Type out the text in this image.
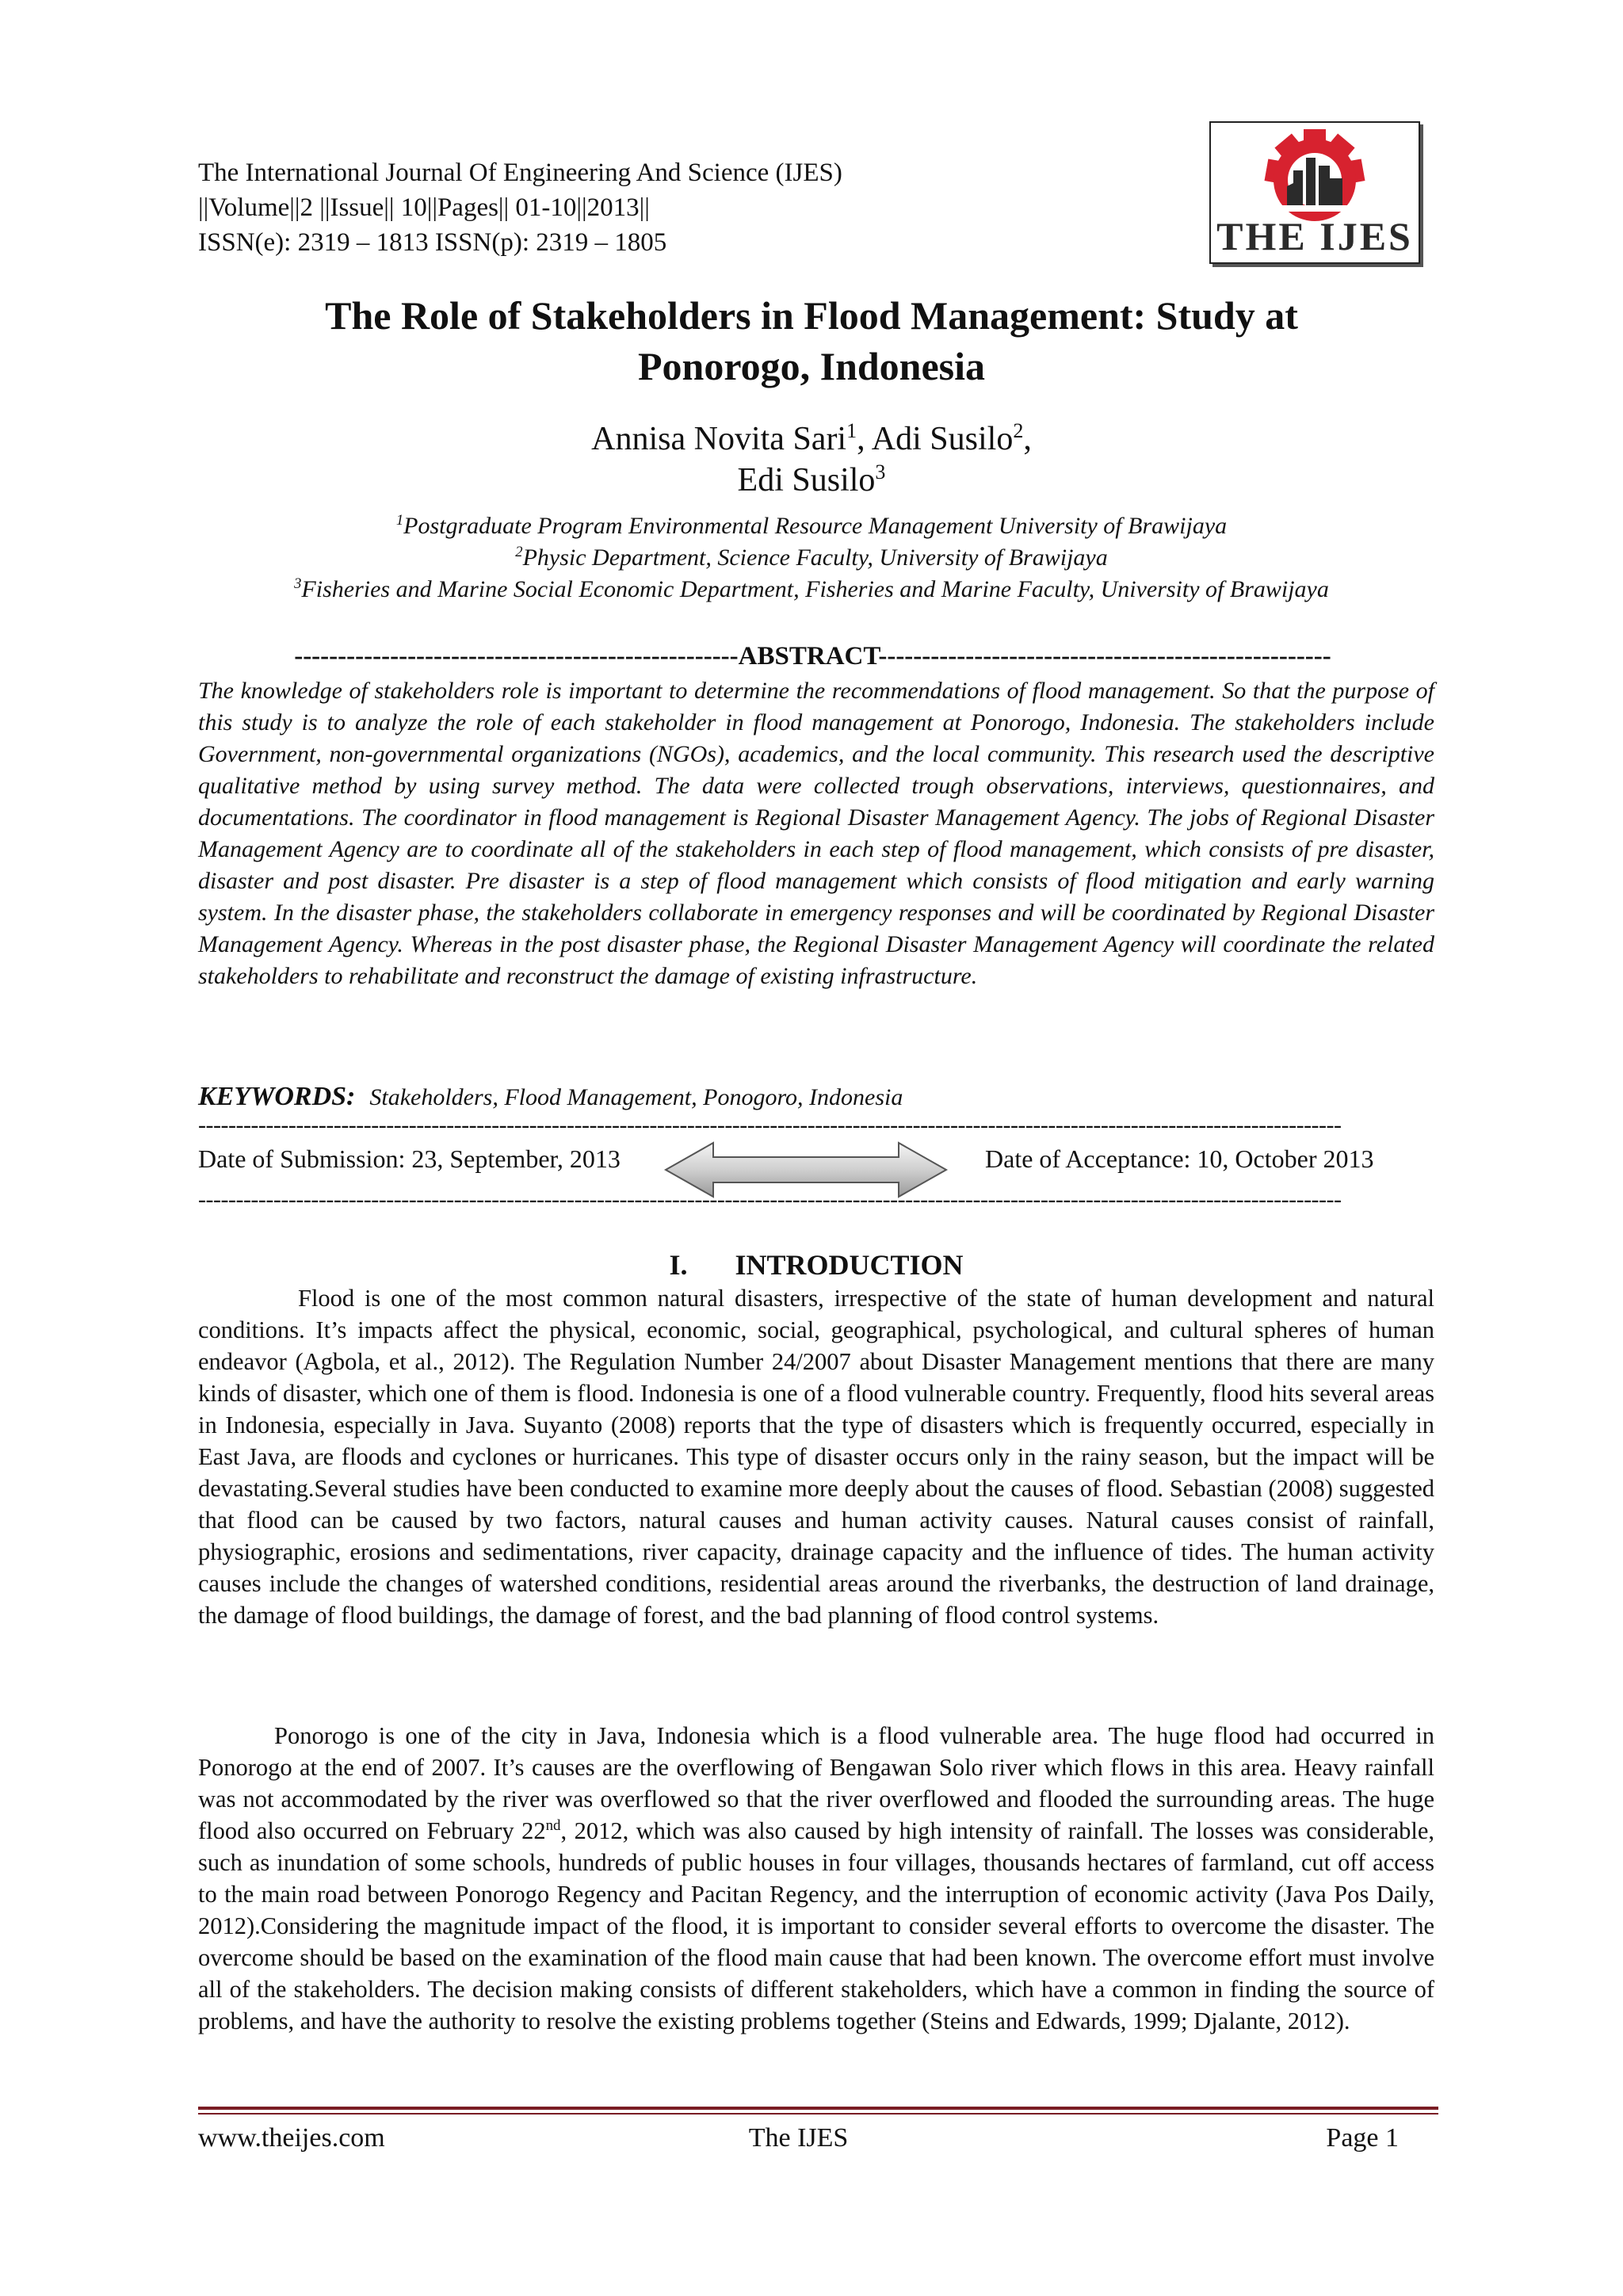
The International Journal Of Engineering And Science (IJES)
||Volume||2 ||Issue|| 10||Pages|| 01-10||2013||
ISSN(e): 2319 – 1813 ISSN(p): 2319 – 1805	THE IJES
The Role of Stakeholders in Flood Management: Study at
Ponorogo, Indonesia
Annisa Novita Sari$^1$, Adi Susilo$^2$,
Edi Susilo$^3$
$^1$Postgraduate Program Environmental Resource Management University of Brawijaya
$^2$Physic Department, Science Faculty, University of Brawijaya
$^3$Fisheries and Marine Social Economic Department, Fisheries and Marine Faculty, University of Brawijaya
---------------------------------------------------ABSTRACT----------------------------------------------------
The knowledge of stakeholders role is important to determine the recommendations of flood management. So that the purpose of this study is to analyze the role of each stakeholder in flood management at Ponorogo, Indonesia. The stakeholders include Government, non-governmental organizations (NGOs), academics, and the local community. This research used the descriptive qualitative method by using survey method. The data were collected trough observations, interviews, questionnaires, and documentations. The coordinator in flood management is Regional Disaster Management Agency. The jobs of Regional Disaster Management Agency are to coordinate all of the stakeholders in each step of flood management, which consists of pre disaster, disaster and post disaster. Pre disaster is a step of flood management which consists of flood mitigation and early warning system. In the disaster phase, the stakeholders collaborate in emergency responses and will be coordinated by Regional Disaster Management Agency. Whereas in the post disaster phase, the Regional Disaster Management Agency will coordinate the related stakeholders to rehabilitate and reconstruct the damage of existing infrastructure.
KEYWORDS: Stakeholders, Flood Management, Ponogoro, Indonesia
--------------------------------------------------------------------------------------------------------------------------------------------------------
Date of Submission: 23, September, 2013	Date of Acceptance: 10, October 2013
--------------------------------------------------------------------------------------------------------------------------------------------------------
I. INTRODUCTION

Flood is one of the most common natural disasters, irrespective of the state of human development and natural conditions. It’s impacts affect the physical, economic, social, geographical, psychological, and cultural spheres of human endeavor (Agbola, et al., 2012). The Regulation Number 24/2007 about Disaster Management mentions that there are many kinds of disaster, which one of them is flood. Indonesia is one of a flood vulnerable country. Frequently, flood hits several areas in Indonesia, especially in Java. Suyanto (2008) reports that the type of disasters which is frequently occurred, especially in East Java, are floods and cyclones or hurricanes. This type of disaster occurs only in the rainy season, but the impact will be devastating.Several studies have been conducted to examine more deeply about the causes of flood. Sebastian (2008) suggested that flood can be caused by two factors, natural causes and human activity causes. Natural causes consist of rainfall, physiographic, erosions and sedimentations, river capacity, drainage capacity and the influence of tides. The human activity causes include the changes of watershed conditions, residential areas around the riverbanks, the destruction of land drainage, the damage of flood buildings, the damage of forest, and the bad planning of flood control systems.

Ponorogo is one of the city in Java, Indonesia which is a flood vulnerable area. The huge flood had occurred in Ponorogo at the end of 2007. It’s causes are the overflowing of Bengawan Solo river which flows in this area. Heavy rainfall was not accommodated by the river was overflowed so that the river overflowed and flooded the surrounding areas. The huge flood also occurred on February 22nd, 2012, which was also caused by high intensity of rainfall. The losses was considerable, such as inundation of some schools, hundreds of public houses in four villages, thousands hectares of farmland, cut off access to the main road between Ponorogo Regency and Pacitan Regency, and the interruption of economic activity (Java Pos Daily, 2012).Considering the magnitude impact of the flood, it is important to consider several efforts to overcome the disaster. The overcome should be based on the examination of the flood main cause that had been known. The overcome effort must involve all of the stakeholders. The decision making consists of different stakeholders, which have a common in finding the source of problems, and have the authority to resolve the existing problems together (Steins and Edwards, 1999; Djalante, 2012).

www.theijes.com	The IJES	Page 1
